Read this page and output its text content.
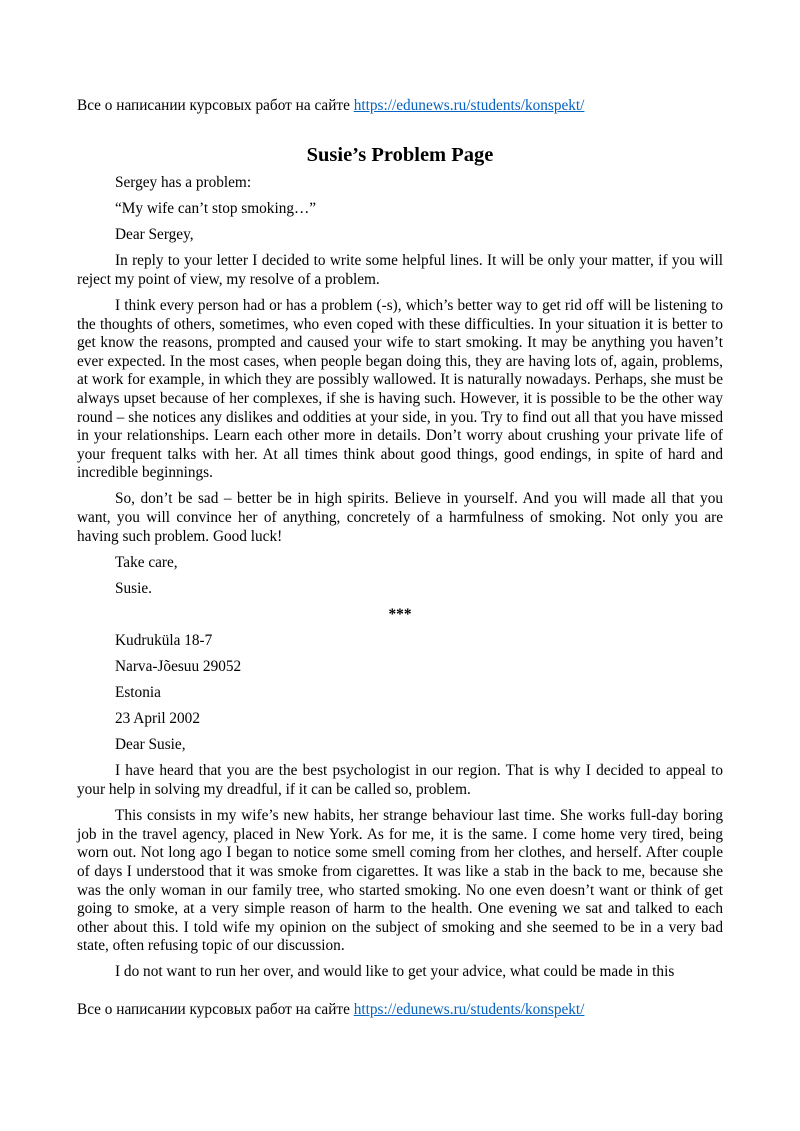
Все о написании курсовых работ на сайте https://edunews.ru/students/konspekt/
Susie’s Problem Page

Sergey has a problem:

“My wife can’t stop smoking…”

Dear Sergey,

In reply to your letter I decided to write some helpful lines. It will be only your matter, if you will reject my point of view, my resolve of a problem.

I think every person had or has a problem (-s), which’s better way to get rid off will be listening to the thoughts of others, sometimes, who even coped with these difficulties. In your situation it is better to get know the reasons, prompted and caused your wife to start smoking. It may be anything you haven’t ever expected. In the most cases, when people began doing this, they are having lots of, again, problems, at work for example, in which they are possibly wallowed. It is naturally nowadays. Perhaps, she must be always upset because of her complexes, if she is having such. However, it is possible to be the other way round – she notices any dislikes and oddities at your side, in you. Try to find out all that you have missed in your relationships. Learn each other more in details. Don’t worry about crushing your private life of your frequent talks with her. At all times think about good things, good endings, in spite of hard and incredible beginnings.

So, don’t be sad – better be in high spirits. Believe in yourself. And you will made all that you want, you will convince her of anything, concretely of a harmfulness of smoking. Not only you are having such problem. Good luck!

Take care,

Susie.

***

Kudruküla 18-7

Narva-Jõesuu 29052

Estonia

23 April 2002

Dear Susie,

I have heard that you are the best psychologist in our region. That is why I decided to appeal to your help in solving my dreadful, if it can be called so, problem.

This consists in my wife’s new habits, her strange behaviour last time. She works full-day boring job in the travel agency, placed in New York. As for me, it is the same. I come home very tired, being worn out. Not long ago I began to notice some smell coming from her clothes, and herself. After couple of days I understood that it was smoke from cigarettes. It was like a stab in the back to me, because she was the only woman in our family tree, who started smoking. No one even doesn’t want or think of get going to smoke, at a very simple reason of harm to the health. One evening we sat and talked to each other about this. I told wife my opinion on the subject of smoking and she seemed to be in a very bad state, often refusing topic of our discussion.

I do not want to run her over, and would like to get your advice, what could be made in this

Все о написании курсовых работ на сайте https://edunews.ru/students/konspekt/
